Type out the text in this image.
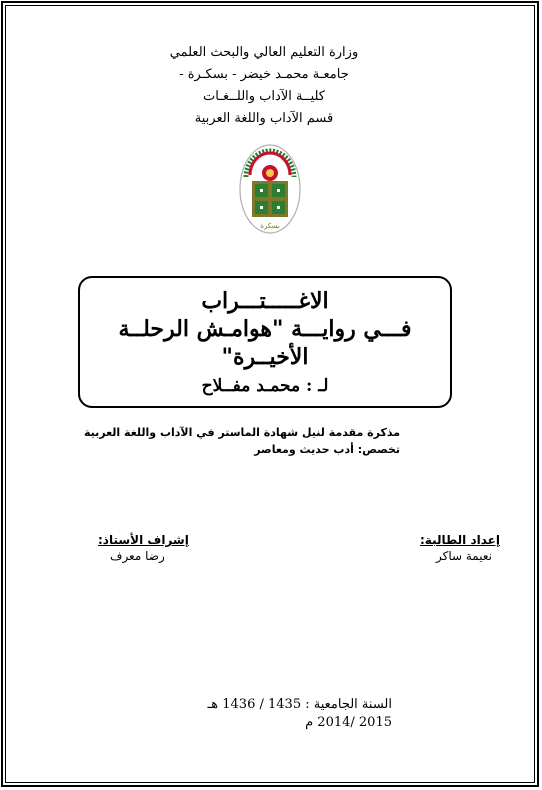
وزارة التعليم العالي والبحث العلمي
جامعـة محمـد خيضر - بسكـرة -
كليــة الآداب واللــغـات
قسم الآداب واللغة العربية
بسكرة
الاغـــــتـــراب
فـــي روايـــة "هوامـش الرحلــة
الأخيــرة"
لـ : محمـد مفــلاح
مذكرة مقدمة لنيل شهادة الماستر في الآداب واللغة العربية
تخصص: أدب حديث ومعاصر
إشراف الأستاذ:
رضا معرف
إعداد الطالبة:
نعيمة ساكر
السنة الجامعية : 1435 / 1436 هـ
2015 /2014 م
